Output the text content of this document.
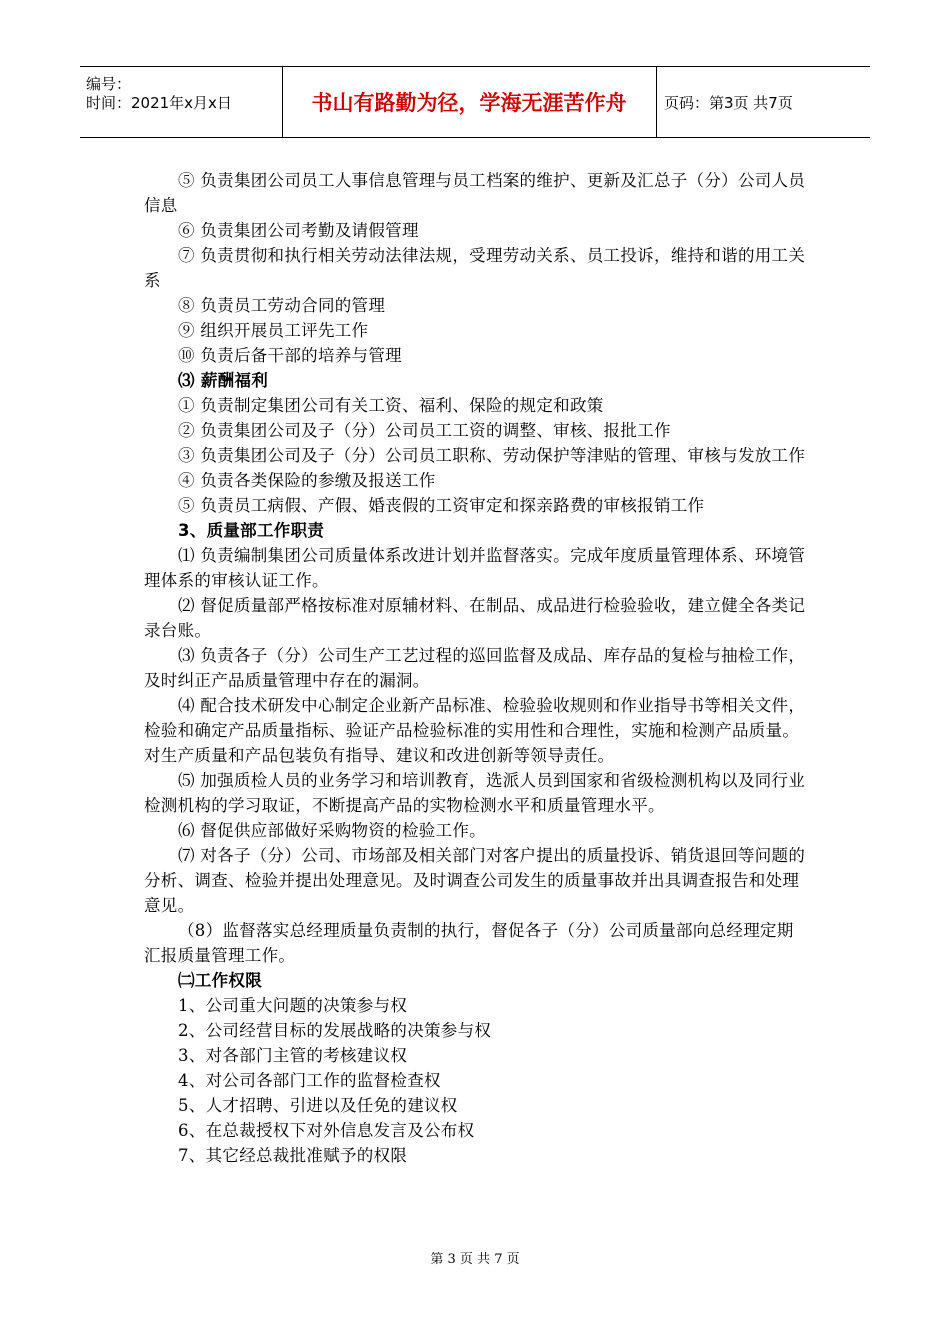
编号：
时间：2021年x月x日	书山有路勤为径，学海无涯苦作舟	页码：第3页 共7页

⑤ 负责集团公司员工人事信息管理与员工档案的维护、更新及汇总子（分）公司人员信息

⑥ 负责集团公司考勤及请假管理

⑦ 负责贯彻和执行相关劳动法律法规，受理劳动关系、员工投诉，维持和谐的用工关系

⑧ 负责员工劳动合同的管理

⑨ 组织开展员工评先工作

⑩ 负责后备干部的培养与管理

⑶ 薪酬福利

① 负责制定集团公司有关工资、福利、保险的规定和政策

② 负责集团公司及子（分）公司员工工资的调整、审核、报批工作

③ 负责集团公司及子（分）公司员工职称、劳动保护等津贴的管理、审核与发放工作

④ 负责各类保险的参缴及报送工作

⑤ 负责员工病假、产假、婚丧假的工资审定和探亲路费的审核报销工作

3、质量部工作职责

⑴ 负责编制集团公司质量体系改进计划并监督落实。完成年度质量管理体系、环境管理体系的审核认证工作。

⑵ 督促质量部严格按标准对原辅材料、在制品、成品进行检验验收，建立健全各类记录台账。

⑶ 负责各子（分）公司生产工艺过程的巡回监督及成品、库存品的复检与抽检工作，及时纠正产品质量管理中存在的漏洞。

⑷ 配合技术研发中心制定企业新产品标准、检验验收规则和作业指导书等相关文件，检验和确定产品质量指标、验证产品检验标准的实用性和合理性，实施和检测产品质量。对生产质量和产品包装负有指导、建议和改进创新等领导责任。

⑸ 加强质检人员的业务学习和培训教育，选派人员到国家和省级检测机构以及同行业检测机构的学习取证，不断提高产品的实物检测水平和质量管理水平。

⑹ 督促供应部做好采购物资的检验工作。

⑺ 对各子（分）公司、市场部及相关部门对客户提出的质量投诉、销货退回等问题的分析、调查、检验并提出处理意见。及时调查公司发生的质量事故并出具调查报告和处理意见。

（8）监督落实总经理质量负责制的执行，督促各子（分）公司质量部向总经理定期汇报质量管理工作。

㈡工作权限

1、公司重大问题的决策参与权

2、公司经营目标的发展战略的决策参与权

3、对各部门主管的考核建议权

4、对公司各部门工作的监督检查权

5、人才招聘、引进以及任免的建议权

6、在总裁授权下对外信息发言及公布权

7、其它经总裁批准赋予的权限

第 3 页 共 7 页
